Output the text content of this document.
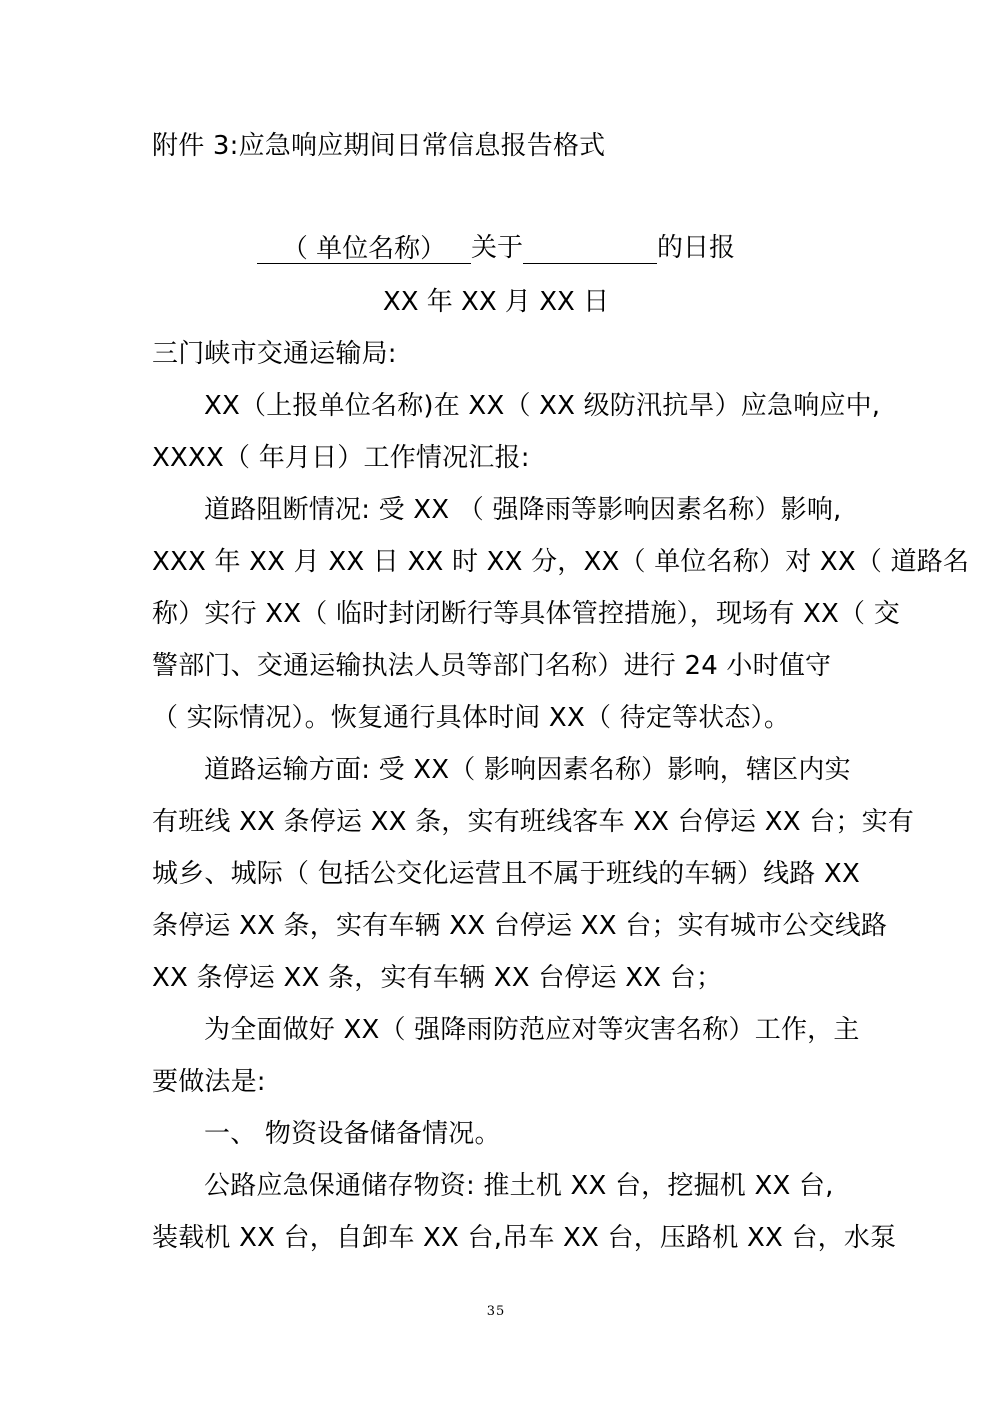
附件 3:应急响应期间日常信息报告格式
（ 单位名称） 关于	的日报
XX 年 XX 月 XX 日
三门峡市交通运输局:
XX（上报单位名称)在 XX（ XX 级防汛抗旱）应急响应中,
XXXX（ 年月日）工作情况汇报:
道路阻断情况: 受 XX （ 强降雨等影响因素名称）影响,
XXX 年 XX 月 XX 日 XX 时 XX 分，XX（ 单位名称）对 XX（ 道路名
称）实行 XX（ 临时封闭断行等具体管控措施），现场有 XX（ 交
警部门、交通运输执法人员等部门名称）进行 24 小时值守
（ 实际情况）。恢复通行具体时间 XX（ 待定等状态）。
道路运输方面: 受 XX（ 影响因素名称）影响，辖区内实
有班线 XX 条停运 XX 条，实有班线客车 XX 台停运 XX 台；实有
城乡、城际（ 包括公交化运营且不属于班线的车辆）线路 XX
条停运 XX 条，实有车辆 XX 台停运 XX 台；实有城市公交线路
XX 条停运 XX 条，实有车辆 XX 台停运 XX 台；
为全面做好 XX（ 强降雨防范应对等灾害名称）工作，主
要做法是:
一、 物资设备储备情况。
公路应急保通储存物资: 推土机 XX 台，挖掘机 XX 台,
装载机 XX 台，自卸车 XX 台,吊车 XX 台，压路机 XX 台，水泵
35
